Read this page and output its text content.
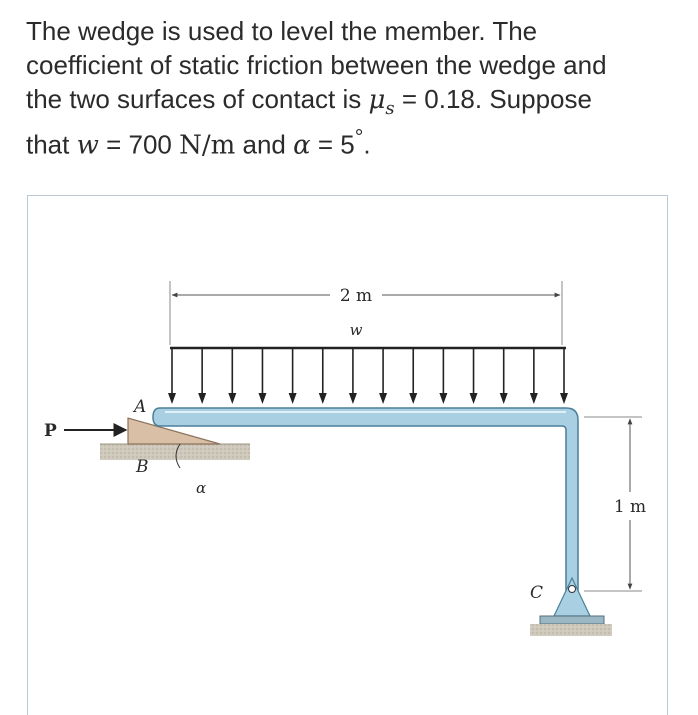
The wedge is used to level the member. The
coefficient of static friction between the wedge and
the two surfaces of contact is $\mu_s = 0.18$. Suppose
that w = 700 N/m and α = 5°.
2 m
w
1 m
P
A
B
C
α
